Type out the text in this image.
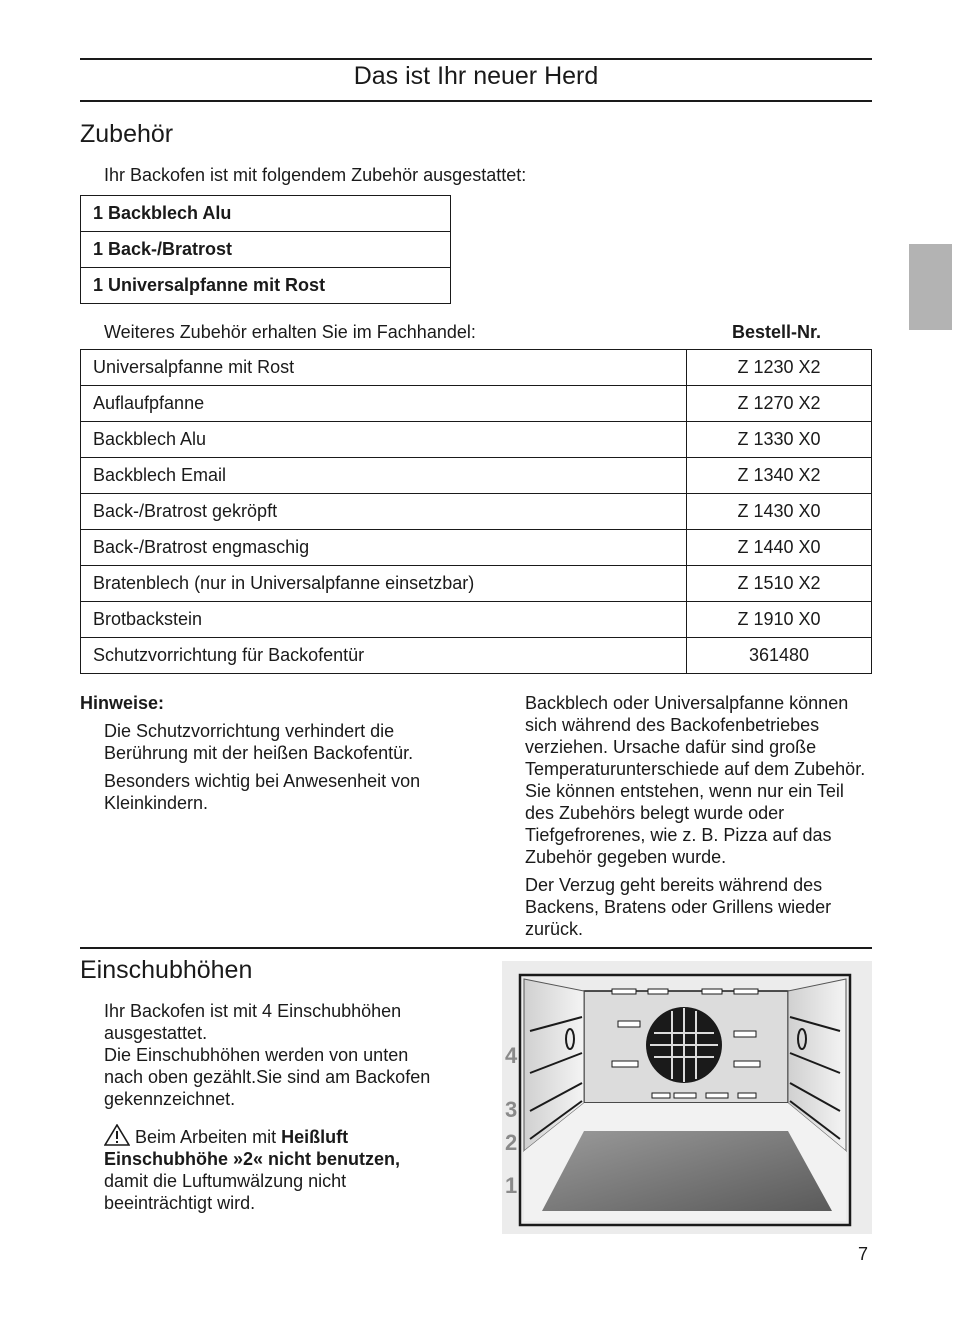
Das ist Ihr neuer Herd
Zubehör
Ihr Backofen ist mit folgendem Zubehör ausgestattet:
1 Backblech Alu
1 Back-/Bratrost
1 Universalpfanne mit Rost
Weiteres Zubehör erhalten Sie im Fachhandel:	Bestell-Nr.
Universalpfanne mit Rost	Z 1230 X2
Auflaufpfanne	Z 1270 X2
Backblech Alu	Z 1330 X0
Backblech Email	Z 1340 X2
Back-/Bratrost gekröpft	Z 1430 X0
Back-/Bratrost engmaschig	Z 1440 X0
Bratenblech (nur in Universalpfanne einsetzbar)	Z 1510 X2
Brotbackstein	Z 1910 X0
Schutzvorrichtung für Backofentür	361480
Hinweise:

Die Schutzvorrichtung verhindert die Berührung mit der heißen Backofentür.

Besonders wichtig bei Anwesenheit von Kleinkindern.

Backblech oder Universalpfanne können sich während des Backofenbetriebes verziehen. Ursache dafür sind große Temperaturunterschiede auf dem Zubehör. Sie können entstehen, wenn nur ein Teil des Zubehörs belegt wurde oder Tiefgefrorenes, wie z. B. Pizza auf das Zubehör gegeben wurde.

Der Verzug geht bereits während des Backens, Bratens oder Grillens wieder zurück.

Einschubhöhen

Ihr Backofen ist mit 4 Einschubhöhen ausgestattet.

Die Einschubhöhen werden von unten nach oben gezählt.Sie sind am Backofen gekennzeichnet.

Beim Arbeiten mit Heißluft Einschubhöhe »2« nicht benutzen, damit die Luftumwälzung nicht beeinträchtigt wird.

4
3
2
1
7
